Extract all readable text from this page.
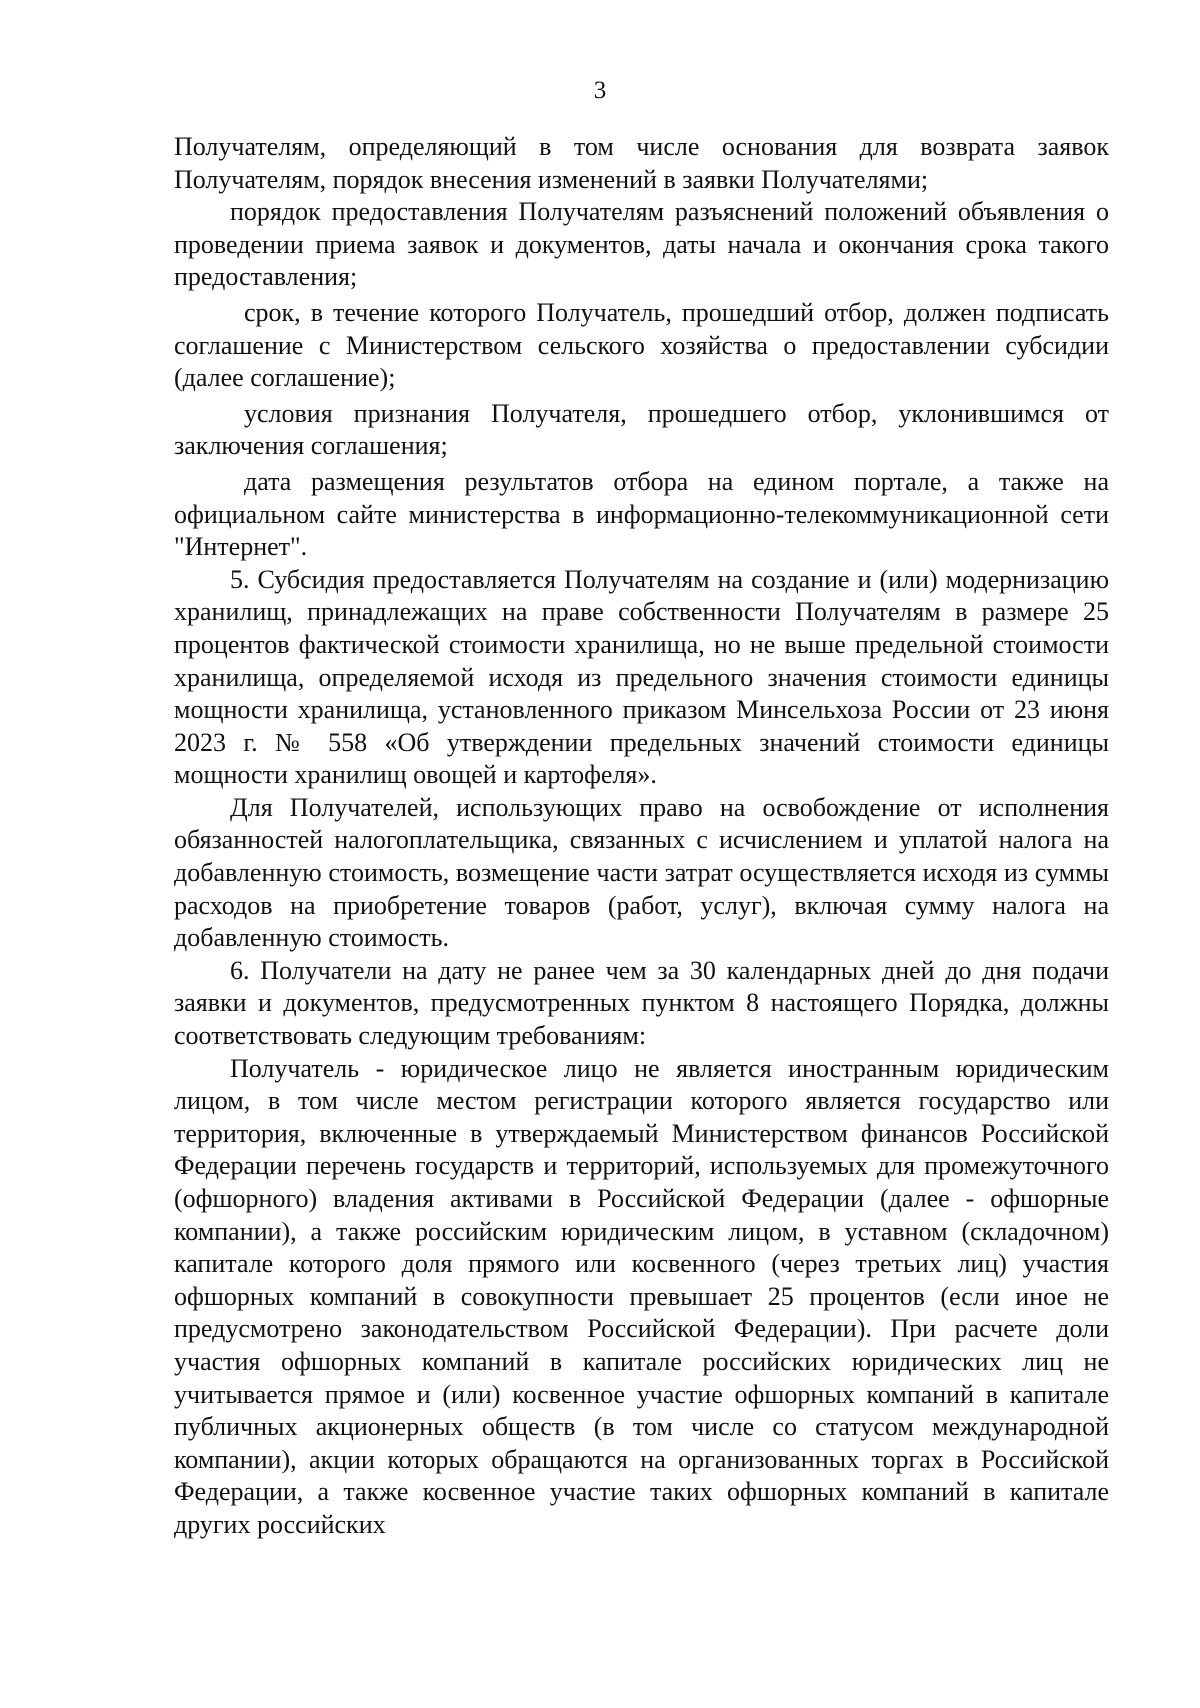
3

Получателям, определяющий в том числе основания для возврата заявок Получателям, порядок внесения изменений в заявки Получателями;

порядок предоставления Получателям разъяснений положений объявления о проведении приема заявок и документов, даты начала и окончания срока такого предоставления;

срок, в течение которого Получатель, прошедший отбор, должен подписать соглашение с Министерством сельского хозяйства о предоставлении субсидии (далее соглашение);

условия признания Получателя, прошедшего отбор, уклонившимся от заключения соглашения;

дата размещения результатов отбора на едином портале, а также на официальном сайте министерства в информационно-телекоммуникационной сети "Интернет".

5. Субсидия предоставляется Получателям на создание и (или) модернизацию хранилищ, принадлежащих на праве собственности Получателям в размере 25 процентов фактической стоимости хранилища, но не выше предельной стоимости хранилища, определяемой исходя из предельного значения стоимости единицы мощности хранилища, установленного приказом Минсельхоза России от 23 июня 2023 г. № 558 «Об утверждении предельных значений стоимости единицы мощности хранилищ овощей и картофеля».

Для Получателей, использующих право на освобождение от исполнения обязанностей налогоплательщика, связанных с исчислением и уплатой налога на добавленную стоимость, возмещение части затрат осуществляется исходя из суммы расходов на приобретение товаров (работ, услуг), включая сумму налога на добавленную стоимость.

6. Получатели на дату не ранее чем за 30 календарных дней до дня подачи заявки и документов, предусмотренных пунктом 8 настоящего Порядка, должны соответствовать следующим требованиям:

Получатель - юридическое лицо не является иностранным юридическим лицом, в том числе местом регистрации которого является государство или территория, включенные в утверждаемый Министерством финансов Российской Федерации перечень государств и территорий, используемых для промежуточного (офшорного) владения активами в Российской Федерации (далее - офшорные компании), а также российским юридическим лицом, в уставном (складочном) капитале которого доля прямого или косвенного (через третьих лиц) участия офшорных компаний в совокупности превышает 25 процентов (если иное не предусмотрено законодательством Российской Федерации). При расчете доли участия офшорных компаний в капитале российских юридических лиц не учитывается прямое и (или) косвенное участие офшорных компаний в капитале публичных акционерных обществ (в том числе со статусом международной компании), акции которых обращаются на организованных торгах в Российской Федерации, а также косвенное участие таких офшорных компаний в капитале других российских
